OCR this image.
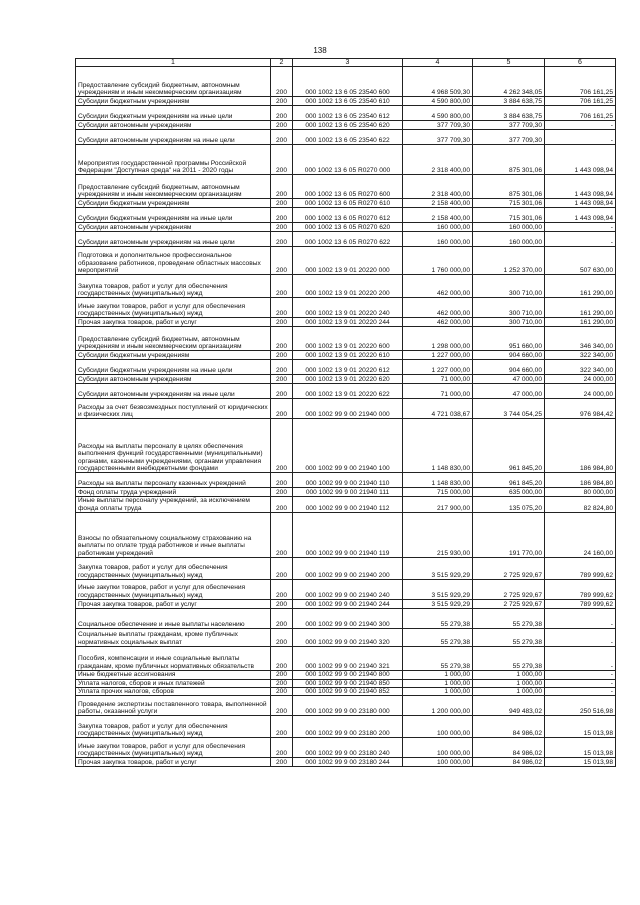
138
1	2	3	4	5	6
Предоставление субсидий бюджетным, автономным учреждениям и иным некоммерческим организациям	200	000 1002 13 6 05 23540 600	4 968 509,30	4 262 348,05	706 161,25
Субсидии бюджетным учреждениям	200	000 1002 13 6 05 23540 610	4 590 800,00	3 884 638,75	706 161,25
Субсидии бюджетным учреждениям на иные цели	200	000 1002 13 6 05 23540 612	4 590 800,00	3 884 638,75	706 161,25
Субсидии автономным учреждениям	200	000 1002 13 6 05 23540 620	377 709,30	377 709,30	-
Субсидии автономным учреждениям на иные цели	200	000 1002 13 6 05 23540 622	377 709,30	377 709,30	-
Мероприятия государственной программы Российской Федерации "Доступная среда" на 2011 - 2020 годы	200	000 1002 13 6 05 R0270 000	2 318 400,00	875 301,06	1 443 098,94
Предоставление субсидий бюджетным, автономным учреждениям и иным некоммерческим организациям	200	000 1002 13 6 05 R0270 600	2 318 400,00	875 301,06	1 443 098,94
Субсидии бюджетным учреждениям	200	000 1002 13 6 05 R0270 610	2 158 400,00	715 301,06	1 443 098,94
Субсидии бюджетным учреждениям на иные цели	200	000 1002 13 6 05 R0270 612	2 158 400,00	715 301,06	1 443 098,94
Субсидии автономным учреждениям	200	000 1002 13 6 05 R0270 620	160 000,00	160 000,00	-
Субсидии автономным учреждениям на иные цели	200	000 1002 13 6 05 R0270 622	160 000,00	160 000,00	-
Подготовка и дополнительное профессиональное образование работников, проведение областных массовых мероприятий	200	000 1002 13 9 01 20220 000	1 760 000,00	1 252 370,00	507 630,00
Закупка товаров, работ и услуг для обеспечения государственных (муниципальных) нужд	200	000 1002 13 9 01 20220 200	462 000,00	300 710,00	161 290,00
Иные закупки товаров, работ и услуг для обеспечения государственных (муниципальных) нужд	200	000 1002 13 9 01 20220 240	462 000,00	300 710,00	161 290,00
Прочая закупка товаров, работ и услуг	200	000 1002 13 9 01 20220 244	462 000,00	300 710,00	161 290,00
Предоставление субсидий бюджетным, автономным учреждениям и иным некоммерческим организациям	200	000 1002 13 9 01 20220 600	1 298 000,00	951 660,00	346 340,00
Субсидии бюджетным учреждениям	200	000 1002 13 9 01 20220 610	1 227 000,00	904 660,00	322 340,00
Субсидии бюджетным учреждениям на иные цели	200	000 1002 13 9 01 20220 612	1 227 000,00	904 660,00	322 340,00
Субсидии автономным учреждениям	200	000 1002 13 9 01 20220 620	71 000,00	47 000,00	24 000,00
Субсидии автономным учреждениям на иные цели	200	000 1002 13 9 01 20220 622	71 000,00	47 000,00	24 000,00
Расходы за счет безвозмездных поступлений от юридических и физических лиц	200	000 1002 99 9 00 21940 000	4 721 038,67	3 744 054,25	976 984,42
Расходы на выплаты персоналу в целях обеспечения выполнения функций государственными (муниципальными) органами, казенными учреждениями, органами управления государственными внебюджетными фондами	200	000 1002 99 9 00 21940 100	1 148 830,00	961 845,20	186 984,80
Расходы на выплаты персоналу казенных учреждений	200	000 1002 99 9 00 21940 110	1 148 830,00	961 845,20	186 984,80
Фонд оплаты труда учреждений	200	000 1002 99 9 00 21940 111	715 000,00	635 000,00	80 000,00
Иные выплаты персоналу учреждений, за исключением фонда оплаты труда	200	000 1002 99 9 00 21940 112	217 900,00	135 075,20	82 824,80
Взносы по обязательному социальному страхованию на выплаты по оплате труда работников и иные выплаты работникам учреждений	200	000 1002 99 9 00 21940 119	215 930,00	191 770,00	24 160,00
Закупка товаров, работ и услуг для обеспечения государственных (муниципальных) нужд	200	000 1002 99 9 00 21940 200	3 515 929,29	2 725 929,67	789 999,62
Иные закупки товаров, работ и услуг для обеспечения государственных (муниципальных) нужд	200	000 1002 99 9 00 21940 240	3 515 929,29	2 725 929,67	789 999,62
Прочая закупка товаров, работ и услуг	200	000 1002 99 9 00 21940 244	3 515 929,29	2 725 929,67	789 999,62
Социальное обеспечение и иные выплаты населению	200	000 1002 99 9 00 21940 300	55 279,38	55 279,38	-
Социальные выплаты гражданам, кроме публичных нормативных социальных выплат	200	000 1002 99 9 00 21940 320	55 279,38	55 279,38	-
Пособия, компенсации и иные социальные выплаты гражданам, кроме публичных нормативных обязательств	200	000 1002 99 9 00 21940 321	55 279,38	55 279,38	-
Иные бюджетные ассигнования	200	000 1002 99 9 00 21940 800	1 000,00	1 000,00	-
Уплата налогов, сборов и иных платежей	200	000 1002 99 9 00 21940 850	1 000,00	1 000,00	-
Уплата прочих налогов, сборов	200	000 1002 99 9 00 21940 852	1 000,00	1 000,00	-
Проведение экспертизы поставленного товара, выполненной работы, оказанной услуги	200	000 1002 99 9 00 23180 000	1 200 000,00	949 483,02	250 516,98
Закупка товаров, работ и услуг для обеспечения государственных (муниципальных) нужд	200	000 1002 99 9 00 23180 200	100 000,00	84 986,02	15 013,98
Иные закупки товаров, работ и услуг для обеспечения государственных (муниципальных) нужд	200	000 1002 99 9 00 23180 240	100 000,00	84 986,02	15 013,98
Прочая закупка товаров, работ и услуг	200	000 1002 99 9 00 23180 244	100 000,00	84 986,02	15 013,98
